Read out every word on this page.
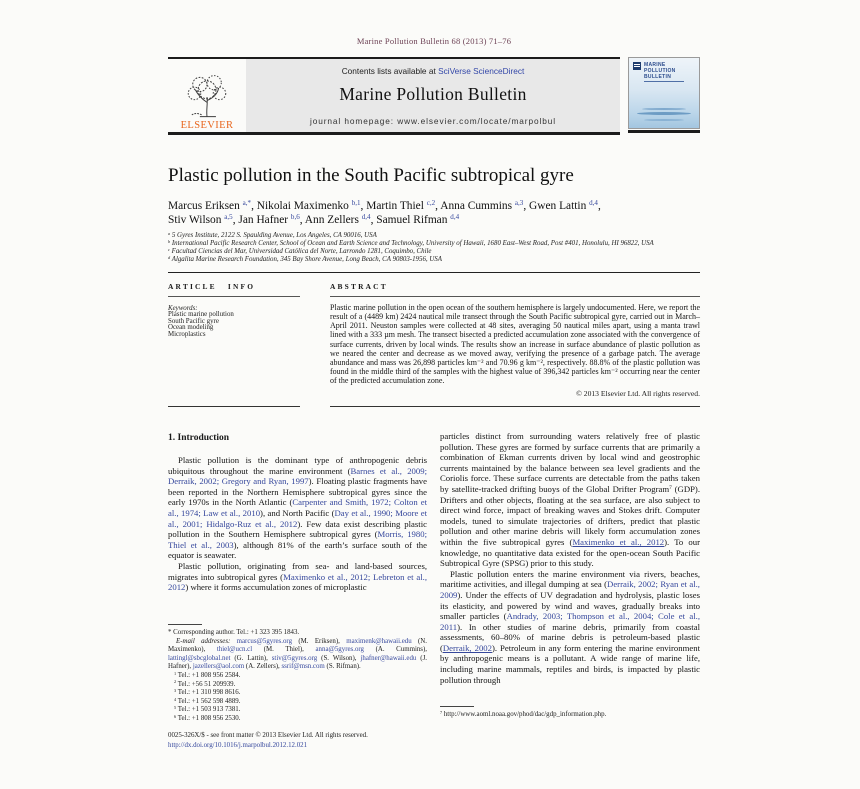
Marine Pollution Bulletin 68 (2013) 71–76
ELSEVIER
Contents lists available at SciVerse ScienceDirect
Marine Pollution Bulletin
journal homepage: www.elsevier.com/locate/marpolbul
MARINE
POLLUTION
BULLETIN
Plastic pollution in the South Pacific subtropical gyre
Marcus Eriksen $^{a,*}$, Nikolai Maximenko $^{b,1}$, Martin Thiel $^{c,2}$, Anna Cummins $^{a,3}$, Gwen Lattin $^{d,4}$,
Stiv Wilson $^{a,5}$, Jan Hafner $^{b,6}$, Ann Zellers $^{d,4}$, Samuel Rifman $^{d,4}$
$^a$ 5 Gyres Institute, 2122 S. Spaulding Avenue, Los Angeles, CA 90016, USA
$^b$ International Pacific Research Center, School of Ocean and Earth Science and Technology, University of Hawaii, 1680 East–West Road, Post #401, Honolulu, HI 96822, USA
$^c$ Facultad Ciencias del Mar, Universidad Católica del Norte, Larrondo 1281, Coquimbo, Chile
$^d$ Algalita Marine Research Foundation, 345 Bay Shore Avenue, Long Beach, CA 90803-1956, USA
ARTICLE INFO
Keywords:
Plastic marine pollution
South Pacific gyre
Ocean modeling
Microplastics
ABSTRACT
Plastic marine pollution in the open ocean of the southern hemisphere is largely undocumented. Here, we report the result of a (4489 km) 2424 nautical mile transect through the South Pacific subtropical gyre, carried out in March–April 2011. Neuston samples were collected at 48 sites, averaging 50 nautical miles apart, using a manta trawl lined with a 333 µm mesh. The transect bisected a predicted accumulation zone associated with the convergence of surface currents, driven by local winds. The results show an increase in surface abundance of plastic pollution as we neared the center and decrease as we moved away, verifying the presence of a garbage patch. The average abundance and mass was 26,898 particles km⁻² and 70.96 g km⁻², respectively. 88.8% of the plastic pollution was found in the middle third of the samples with the highest value of 396,342 particles km⁻² occurring near the center of the predicted accumulation zone.
© 2013 Elsevier Ltd. All rights reserved.
1. Introduction

Plastic pollution is the dominant type of anthropogenic debris ubiquitous throughout the marine environment (Barnes et al., 2009; Derraik, 2002; Gregory and Ryan, 1997). Floating plastic fragments have been reported in the Northern Hemisphere subtropical gyres since the early 1970s in the North Atlantic (Carpenter and Smith, 1972; Colton et al., 1974; Law et al., 2010), and North Pacific (Day et al., 1990; Moore et al., 2001; Hidalgo-Ruz et al., 2012). Few data exist describing plastic pollution in the Southern Hemisphere subtropical gyres (Morris, 1980; Thiel et al., 2003), although 81% of the earth’s surface south of the equator is seawater.

Plastic pollution, originating from sea- and land-based sources, migrates into subtropical gyres (Maximenko et al., 2012; Lebreton et al., 2012) where it forms accumulation zones of microplastic

particles distinct from surrounding waters relatively free of plastic pollution. These gyres are formed by surface currents that are primarily a combination of Ekman currents driven by local wind and geostrophic currents maintained by the balance between sea level gradients and the Coriolis force. These surface currents are detectable from the paths taken by satellite-tracked drifting buoys of the Global Drifter Program$^7$ (GDP). Drifters and other objects, floating at the sea surface, are also subject to direct wind force, impact of breaking waves and Stokes drift. Computer models, tuned to simulate trajectories of drifters, predict that plastic pollution and other marine debris will likely form accumulation zones within the five subtropical gyres (Maximenko et al., 2012). To our knowledge, no quantitative data existed for the open-ocean South Pacific Subtropical Gyre (SPSG) prior to this study.

Plastic pollution enters the marine environment via rivers, beaches, maritime activities, and illegal dumping at sea (Derraik, 2002; Ryan et al., 2009). Under the effects of UV degradation and hydrolysis, plastic loses its elasticity, and powered by wind and waves, gradually breaks into smaller particles (Andrady, 2003; Thompson et al., 2004; Cole et al., 2011). In other studies of marine debris, primarily from coastal assessments, 60–80% of marine debris is petroleum-based plastic (Derraik, 2002). Petroleum in any form entering the marine environment by anthropogenic means is a pollutant. A wide range of marine life, including marine mammals, reptiles and birds, is impacted by plastic pollution through

* Corresponding author. Tel.: +1 323 395 1843.
E-mail addresses: marcus@5gyres.org (M. Eriksen), maximenk@hawaii.edu (N. Maximenko), thiel@ucn.cl (M. Thiel), anna@5gyres.org (A. Cummins), lattingl@sbcglobal.net (G. Lattin), stiv@5gyres.org (S. Wilson), jhafner@hawaii.edu (J. Hafner), jazellers@aol.com (A. Zellers), ssrif@msn.com (S. Rifman).
$^1$ Tel.: +1 808 956 2584.
$^2$ Tel.: +56 51 209939.
$^3$ Tel.: +1 310 998 8616.
$^4$ Tel.: +1 562 598 4889.
$^5$ Tel.: +1 503 913 7381.
$^6$ Tel.: +1 808 956 2530.
0025-326X/$ - see front matter © 2013 Elsevier Ltd. All rights reserved.
http://dx.doi.org/10.1016/j.marpolbul.2012.12.021
$^7$ http://www.aoml.noaa.gov/phod/dac/gdp_information.php.
